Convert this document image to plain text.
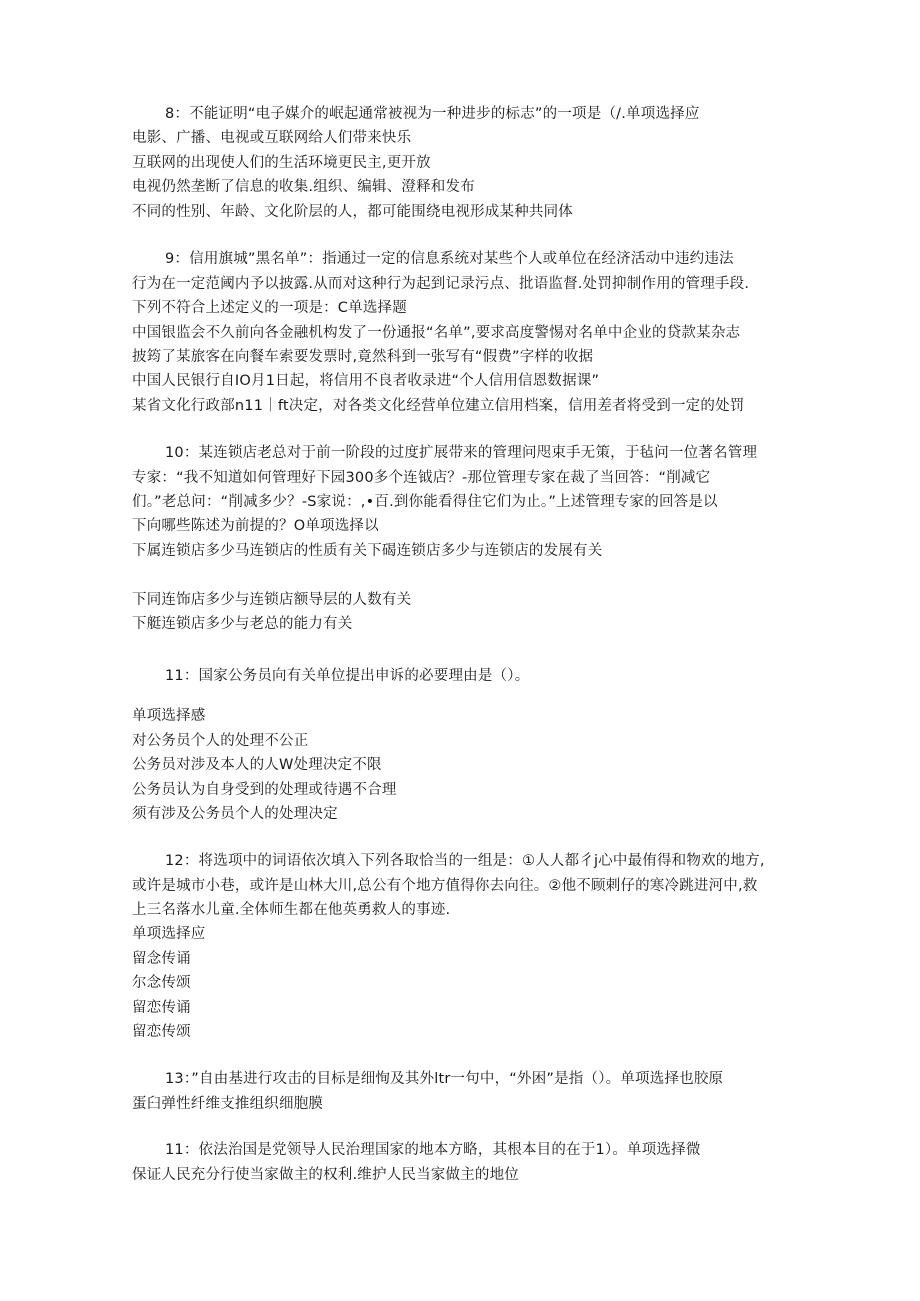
8：不能证明“电子媒介的岷起通常被视为一种进步的标志”的一项是（/.单项选择应
电影、广播、电视或互联网给人们带来快乐
互联网的出现使人们的生活环境更民主,更开放
电视仍然垄断了信息的收集.组织、编辑、澄释和发布
不同的性别、年龄、文化阶层的人，都可能围绕电视形成某种共同体
9：信用旗城”黑名单”：指通过一定的信息系统对某些个人或单位在经济活动中违约违法
行为在一定范阈内予以披露.从而对这种行为起到记录污点、批语监督.处罚抑制作用的管理手段.
下列不符合上述定义的一项是：C单选择题
中国银监会不久前向各金融机构发了一份通报“名单”,要求高度警惕对名单中企业的贷款某杂志
披筠了某旅客在向餐车索要发票时,竟然科到一张写有“假费”字样的收据
中国人民银行自IO月1日起，将信用不良者收录进“个人信用信恩数据课”
某省文化行政部n11｜ft决定，对各类文化经营单位建立信用档案，信用差者将受到一定的处罚
10：某连锁店老总对于前一阶段的过度扩展带来的管理问咫束手无策，于毡问一位著名管理
专家：“我不知道如何管理好下园300多个连钺店？-那位管理专家在裁了当回答：“削减它
们。”老总问：“削减多少？-S家说：,•百.到你能看得住它们为止。”上述管理专家的回答是以
下向哪些陈述为前提的？O单项选择以
下属连锁店多少马连锁店的性质有关下碣连锁店多少与连锁店的发展有关
下同连饰店多少与连锁店额导层的人数有关
下艇连锁店多少与老总的能力有关
11：国家公务员向有关单位提出申诉的必要理由是（）。
单项选择感
对公务员个人的处理不公正
公务员对涉及本人的人W处理决定不限
公务员认为自身受到的处理或待遇不合理
须有涉及公务员个人的处理决定
12：将选项中的词语依次填入下列各取恰当的一组是：①人人都彳j心中最侑得和物欢的地方,
或许是城市小巷，或许是山林大川,总公有个地方值得你去向往。②他不顾剌仔的寒冷跳进河中,救
上三名落水儿童.全体师生都在他英勇救人的事迹.
单项选择应
留念传诵
尔念传颂
留恋传诵
留恋传颂
13：”自由基进行攻击的目标是细恂及其外ltr一句中，“外困”是指（）。单项选择也胶原
蛋臼弹性纤维支推组织细胞膜
11：依法治国是党领导人民治理国家的地本方略，其根本目的在于1）。单项选择微
保证人民充分行使当家做主的权利.维护人民当家做主的地位
